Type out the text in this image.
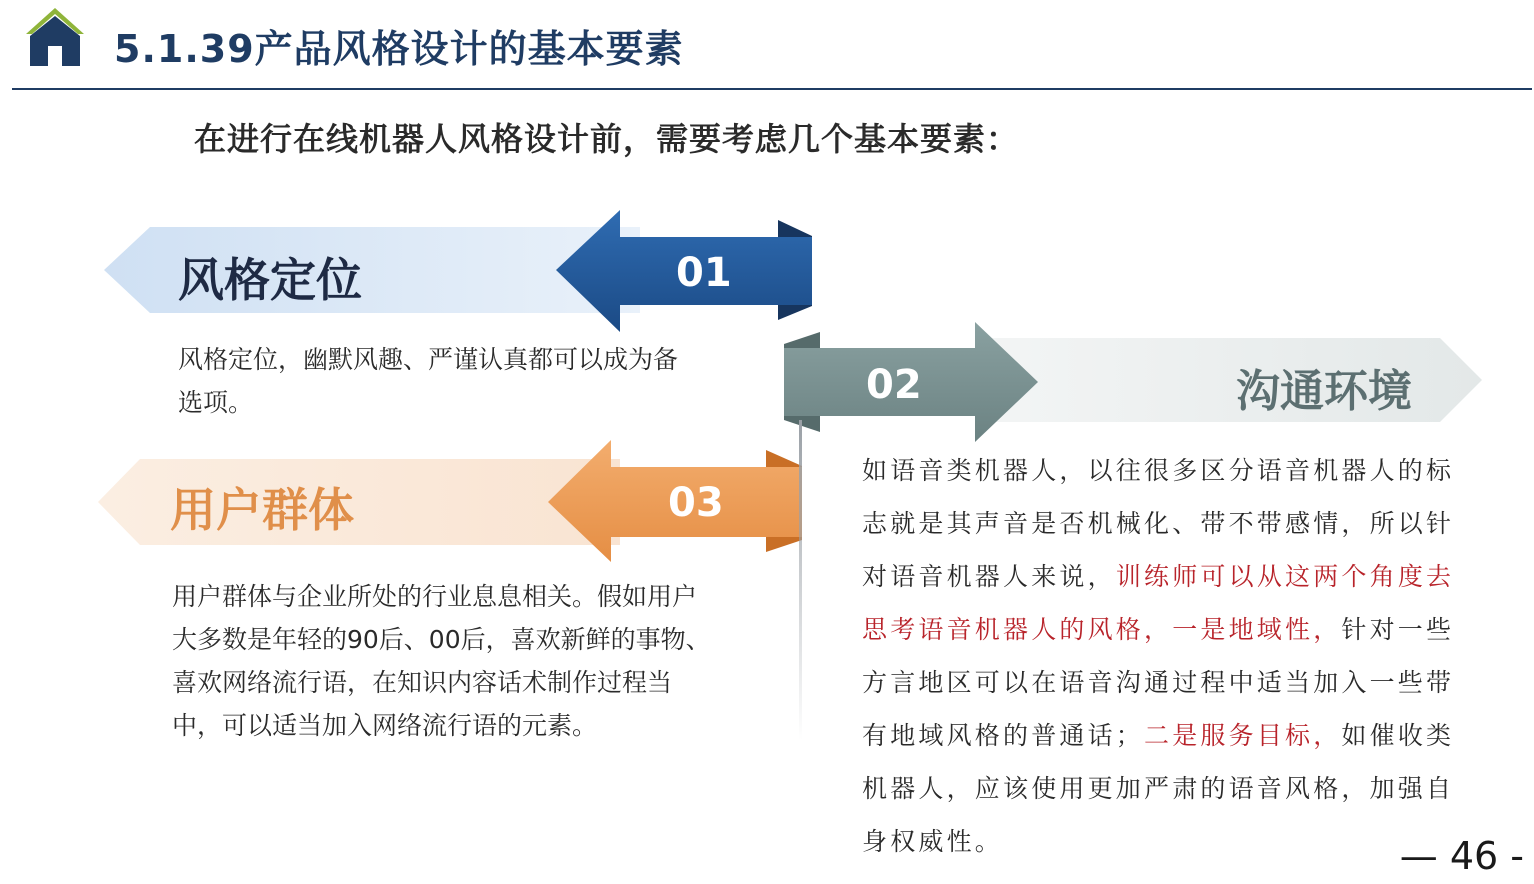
5.1.39产品风格设计的基本要素
在进行在线机器人风格设计前，需要考虑几个基本要素：
风格定位	01
沟通环境
02
用户群体	03
风格定位，幽默风趣、严谨认真都可以成为备选项。
如语音类机器人，以往很多区分语音机器人的标志就是其声音是否机械化、带不带感情，所以针对语音机器人来说，训练师可以从这两个角度去思考语音机器人的风格，一是地域性，针对一些方言地区可以在语音沟通过程中适当加入一些带有地域风格的普通话；二是服务目标，如催收类机器人，应该使用更加严肃的语音风格，加强自身权威性。
用户群体与企业所处的行业息息相关。假如用户大多数是年轻的90后、00后，喜欢新鲜的事物、喜欢网络流行语，在知识内容话术制作过程当中，可以适当加入网络流行语的元素。
— 46 -
